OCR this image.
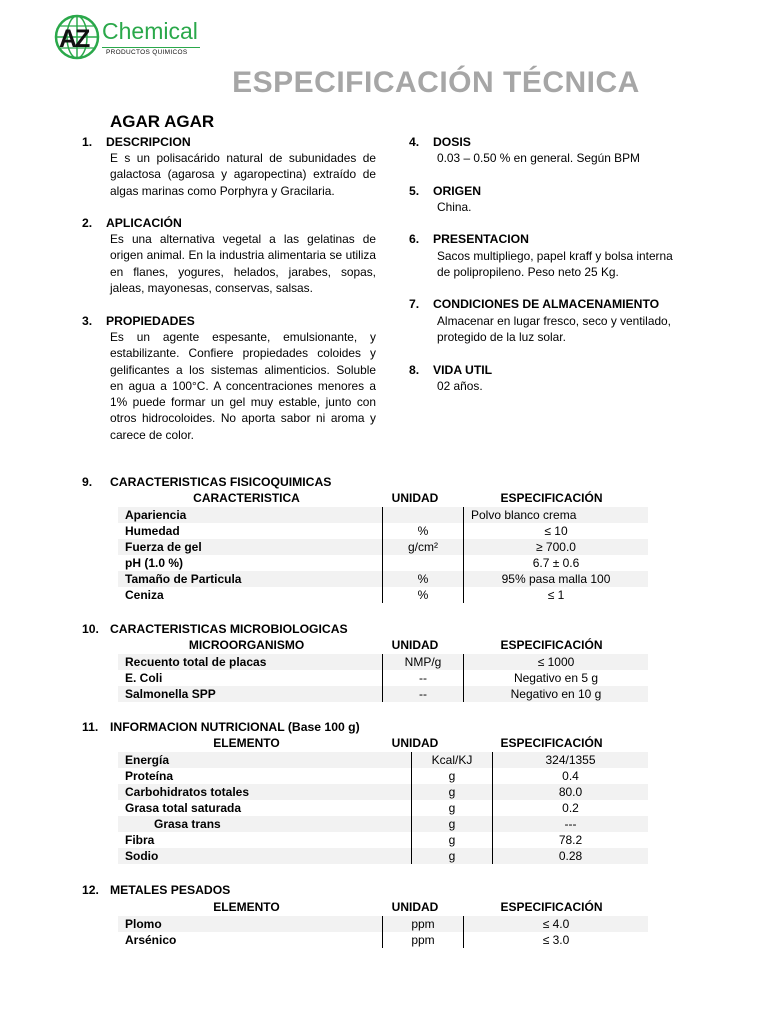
AZ Chemical
PRODUCTOS QUIMICOS
ESPECIFICACIÓN TÉCNICA
AGAR AGAR
1. DESCRIPCION
E s un polisacárido natural de subunidades de galactosa (agarosa y agaropectina) extraído de algas marinas como Porphyra y Gracilaria.
2. APLICACIÓN
Es una alternativa vegetal a las gelatinas de origen animal. En la industria alimentaria se utiliza en flanes, yogures, helados, jarabes, sopas, jaleas, mayonesas, conservas, salsas.
3. PROPIEDADES
Es un agente espesante, emulsionante, y estabilizante. Confiere propiedades coloides y gelificantes a los sistemas alimenticios. Soluble en agua a 100°C. A concentraciones menores a 1% puede formar un gel muy estable, junto con otros hidrocoloides. No aporta sabor ni aroma y carece de color.
4. DOSIS
0.03 – 0.50 % en general. Según BPM
5. ORIGEN
China.
6. PRESENTACION
Sacos multipliego, papel kraff y bolsa interna
de polipropileno. Peso neto 25 Kg.
7. CONDICIONES DE ALMACENAMIENTO
Almacenar en lugar fresco, seco y ventilado,
protegido de la luz solar.
8. VIDA UTIL
02 años.
9. CARACTERISTICAS FISICOQUIMICAS
CARACTERISTICA	UNIDAD	ESPECIFICACIÓN
Apariencia		Polvo blanco crema
Humedad	%	≤ 10
Fuerza de gel	g/cm²	≥ 700.0
pH (1.0 %)		6.7 ± 0.6
Tamaño de Particula	%	95% pasa malla 100
Ceniza	%	≤ 1
10. CARACTERISTICAS MICROBIOLOGICAS
MICROORGANISMO	UNIDAD	ESPECIFICACIÓN
Recuento total de placas	NMP/g	≤ 1000
E. Coli	--	Negativo en 5 g
Salmonella SPP	--	Negativo en 10 g
11. INFORMACION NUTRICIONAL (Base 100 g)
ELEMENTO	UNIDAD	ESPECIFICACIÓN
Energía	Kcal/KJ	324/1355
Proteína	g	0.4
Carbohidratos totales	g	80.0
Grasa total saturada	g	0.2
Grasa trans	g	---
Fibra	g	78.2
Sodio	g	0.28
12. METALES PESADOS
ELEMENTO	UNIDAD	ESPECIFICACIÓN
Plomo	ppm	≤ 4.0
Arsénico	ppm	≤ 3.0
